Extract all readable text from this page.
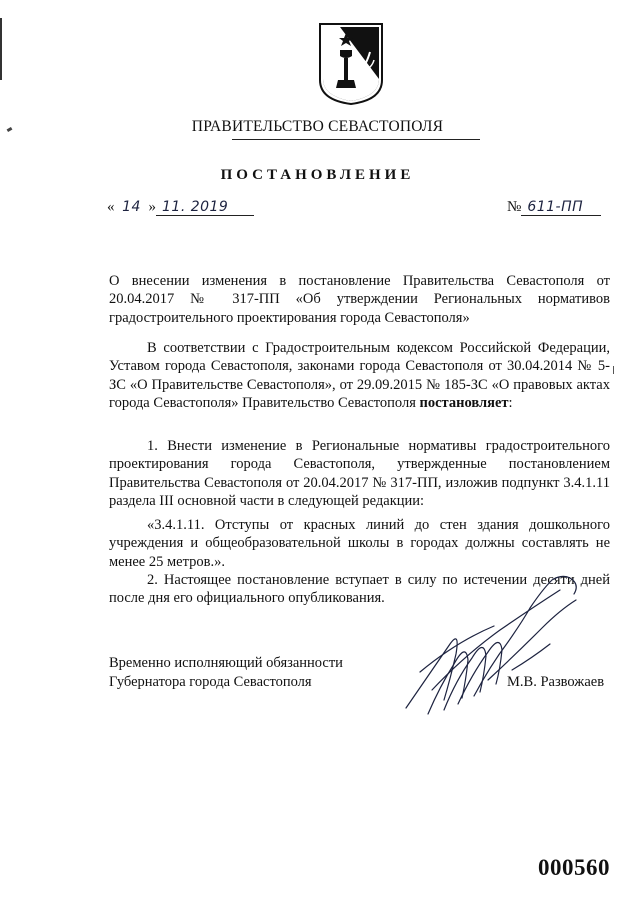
ПРАВИТЕЛЬСТВО СЕВАСТОПОЛЯ
ПОСТАНОВЛЕНИЕ
« 14 » 11. 2019	№ 611-ПП
О внесении изменения в постановление Правительства Севастополя от 20.04.2017 № 317-ПП «Об утверждении Региональных нормативов градостроительного проектирования города Севастополя»
В соответствии с Градостроительным кодексом Российской Федерации, Уставом города Севастополя, законами города Севастополя от 30.04.2014 № 5-ЗС «О Правительстве Севастополя», от 29.09.2015 № 185-ЗС «О правовых актах города Севастополя» Правительство Севастополя постановляет:
1. Внести изменение в Региональные нормативы градостроительного проектирования города Севастополя, утвержденные постановлением Правительства Севастополя от 20.04.2017 № 317-ПП, изложив подпункт 3.4.1.11 раздела III основной части в следующей редакции:
«3.4.1.11. Отступы от красных линий до стен здания дошкольного учреждения и общеобразовательной школы в городах должны составлять не менее 25 метров.».
2. Настоящее постановление вступает в силу по истечении десяти дней после дня его официального опубликования.
Временно исполняющий обязанности
Губернатора города Севастополя	М.В. Развожаев
000560
